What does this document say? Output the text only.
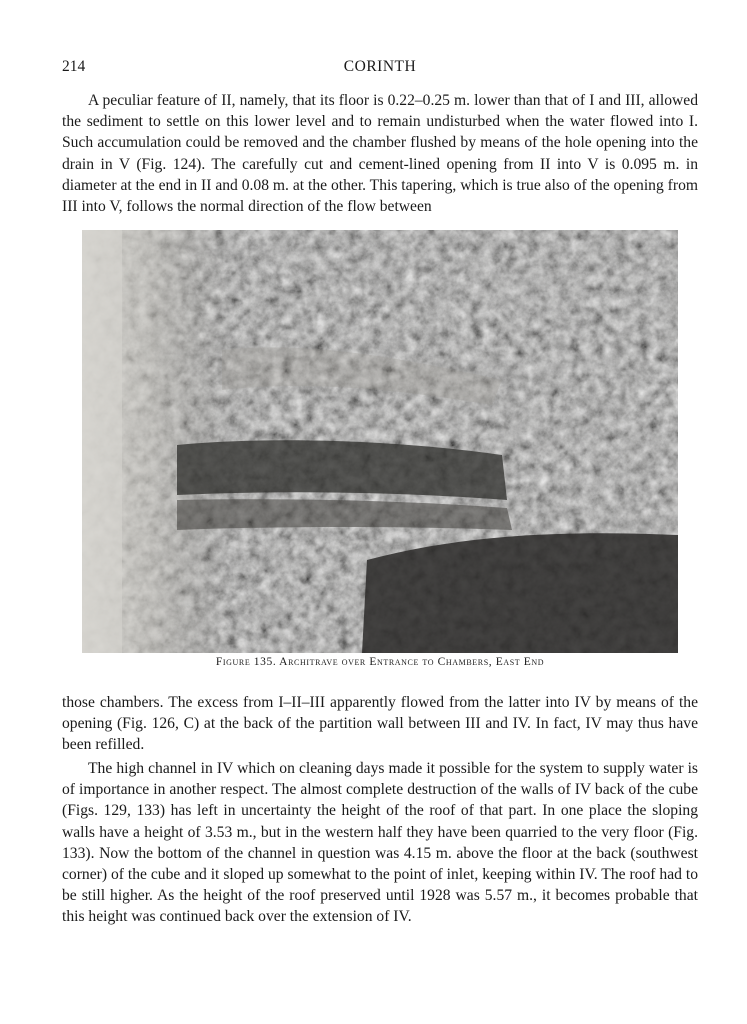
214	CORINTH

A peculiar feature of II, namely, that its floor is 0.22–0.25 m. lower than that of I and III, allowed the sediment to settle on this lower level and to remain undisturbed when the water flowed into I. Such accumulation could be removed and the chamber flushed by means of the hole opening into the drain in V (Fig. 124). The carefully cut and cement-lined opening from II into V is 0.095 m. in diameter at the end in II and 0.08 m. at the other. This tapering, which is true also of the opening from III into V, follows the normal direction of the flow between

Figure 135. Architrave over Entrance to Chambers, East End

those chambers. The excess from I–II–III apparently flowed from the latter into IV by means of the opening (Fig. 126, C) at the back of the partition wall between III and IV. In fact, IV may thus have been refilled.

The high channel in IV which on cleaning days made it possible for the system to supply water is of importance in another respect. The almost complete destruction of the walls of IV back of the cube (Figs. 129, 133) has left in uncertainty the height of the roof of that part. In one place the sloping walls have a height of 3.53 m., but in the western half they have been quarried to the very floor (Fig. 133). Now the bottom of the channel in question was 4.15 m. above the floor at the back (southwest corner) of the cube and it sloped up somewhat to the point of inlet, keeping within IV. The roof had to be still higher. As the height of the roof preserved until 1928 was 5.57 m., it becomes probable that this height was continued back over the extension of IV.
